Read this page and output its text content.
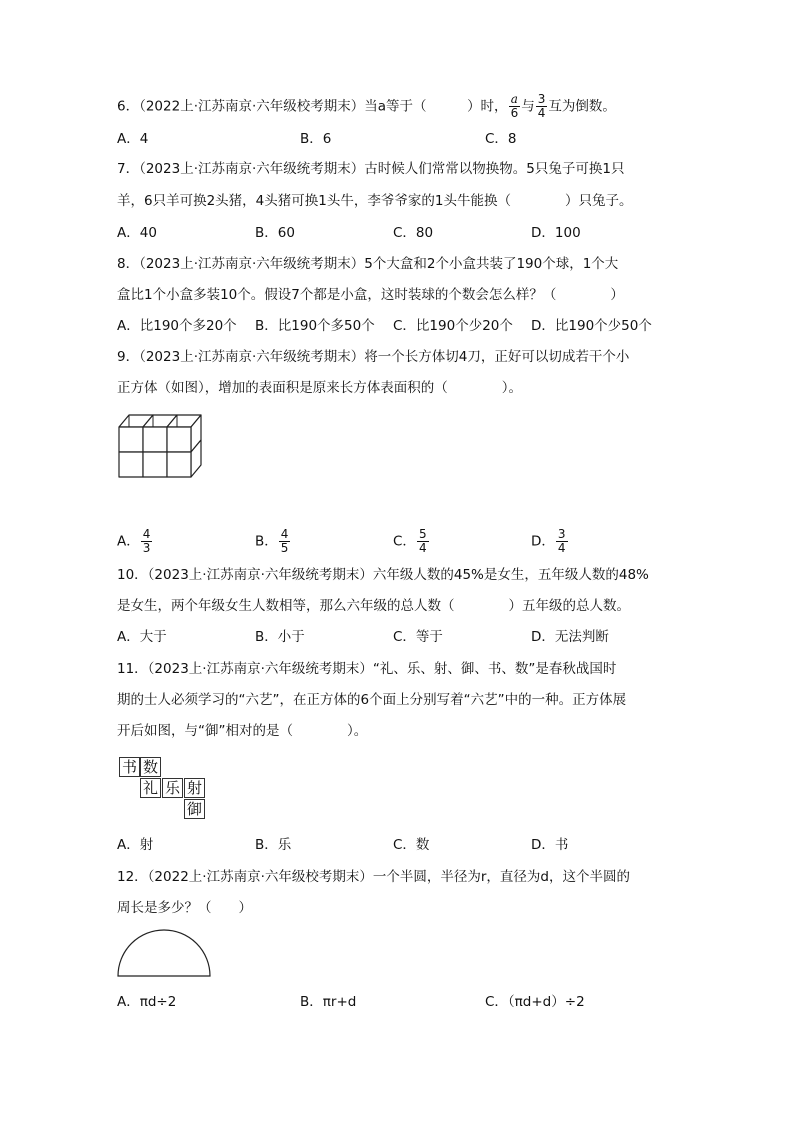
6．（2022上·江苏南京·六年级校考期末）当a等于（　　　	）时， $\frac{a}{6}$ 与 $\frac{3}{4}$ 互为倒数。
A．4	B．6	C．8
7．（2023上·江苏南京·六年级统考期末）古时候人们常常以物换物。5只兔子可换1只
羊，6只羊可换2头猪，4头猪可换1头牛，李爷爷家的1头牛能换（　　　　）只兔子。
A．40	B．60	C．80	D．100
8．（2023上·江苏南京·六年级统考期末）5个大盒和2个小盒共装了190个球，1个大
盒比1个小盒多装10个。假设7个都是小盒，这时装球的个数会怎么样？（　　　　）
A．比190个多20个 B．比190个多50个 C．比190个少20个 D．比190个少50个
9．（2023上·江苏南京·六年级统考期末）将一个长方体切4刀，正好可以切成若干个小
正方体（如图），增加的表面积是原来长方体表面积的（　　　　）。
A． $\frac{4}{3}$	B． $\frac{4}{5}$	C． $\frac{5}{4}$	D． $\frac{3}{4}$
10．（2023上·江苏南京·六年级统考期末）六年级人数的45%是女生，五年级人数的48%
是女生，两个年级女生人数相等，那么六年级的总人数（　　　　）五年级的总人数。
A．大于	B．小于	C．等于	D．无法判断
11．（2023上·江苏南京·六年级统考期末）“礼、乐、射、御、书、数”是春秋战国时
期的士人必须学习的“六艺”，在正方体的6个面上分别写着“六艺”中的一种。正方体展
开后如图，与“御”相对的是（　　　　）。
书 数
礼 乐 射
御
A．射	B．乐	C．数	D．书
12．（2022上·江苏南京·六年级校考期末）一个半圆，半径为r，直径为d，这个半圆的
周长是多少？（　　）
A．πd÷2	B．πr+d	C．（πd+d）÷2
